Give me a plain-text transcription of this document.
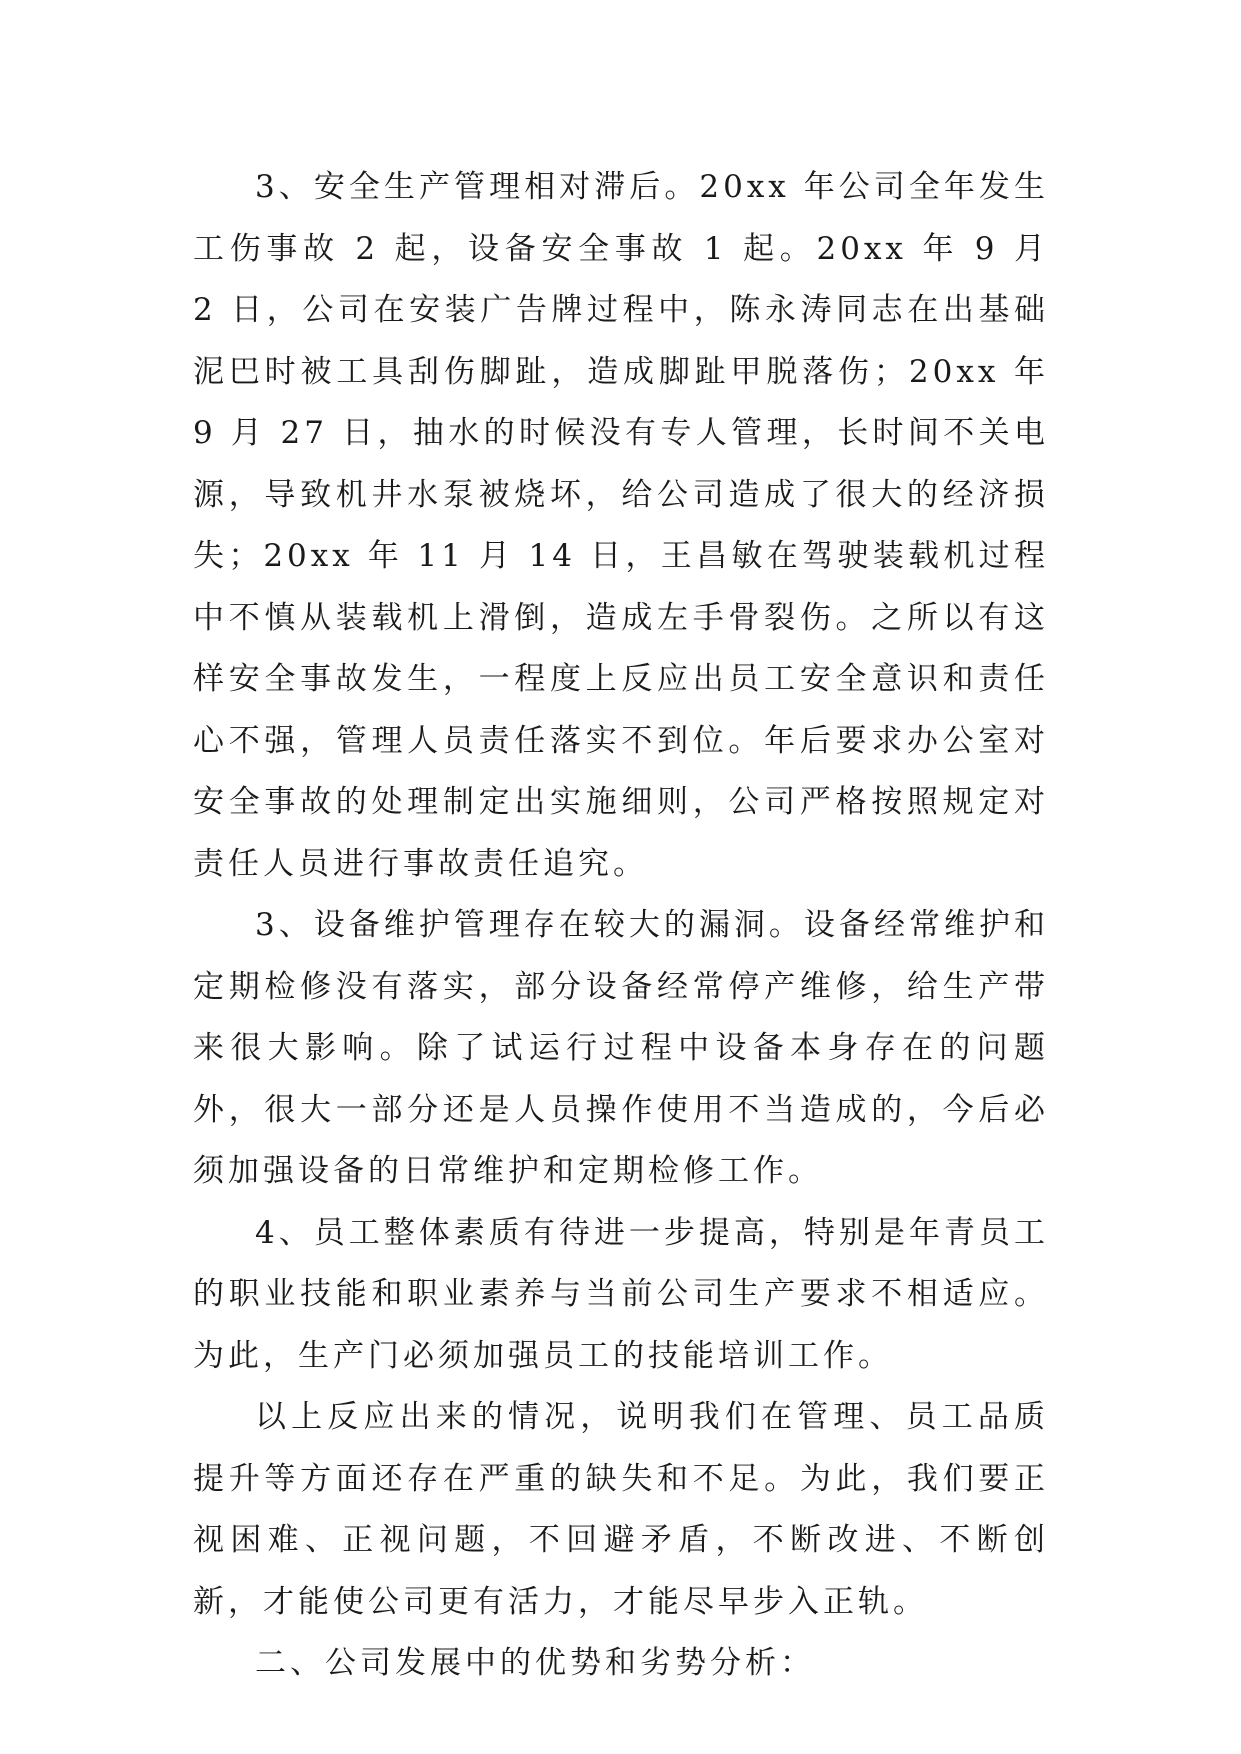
3、安全生产管理相对滞后。20xx 年公司全年发生工伤事故 2 起，设备安全事故 1 起。20xx 年 9 月 2 日，公司在安装广告牌过程中，陈永涛同志在出基础泥巴时被工具刮伤脚趾，造成脚趾甲脱落伤；20xx 年 9 月 27 日，抽水的时候没有专人管理，长时间不关电源，导致机井水泵被烧坏，给公司造成了很大的经济损失；20xx 年 11 月 14 日，王昌敏在驾驶装载机过程中不慎从装载机上滑倒，造成左手骨裂伤。之所以有这样安全事故发生，一程度上反应出员工安全意识和责任心不强，管理人员责任落实不到位。年后要求办公室对安全事故的处理制定出实施细则，公司严格按照规定对责任人员进行事故责任追究。

3、设备维护管理存在较大的漏洞。设备经常维护和定期检修没有落实，部分设备经常停产维修，给生产带来很大影响。除了试运行过程中设备本身存在的问题外，很大一部分还是人员操作使用不当造成的，今后必须加强设备的日常维护和定期检修工作。

4、员工整体素质有待进一步提高，特别是年青员工的职业技能和职业素养与当前公司生产要求不相适应。为此，生产门必须加强员工的技能培训工作。

以上反应出来的情况，说明我们在管理、员工品质提升等方面还存在严重的缺失和不足。为此，我们要正视困难、正视问题，不回避矛盾，不断改进、不断创新，才能使公司更有活力，才能尽早步入正轨。

二、公司发展中的优势和劣势分析：
